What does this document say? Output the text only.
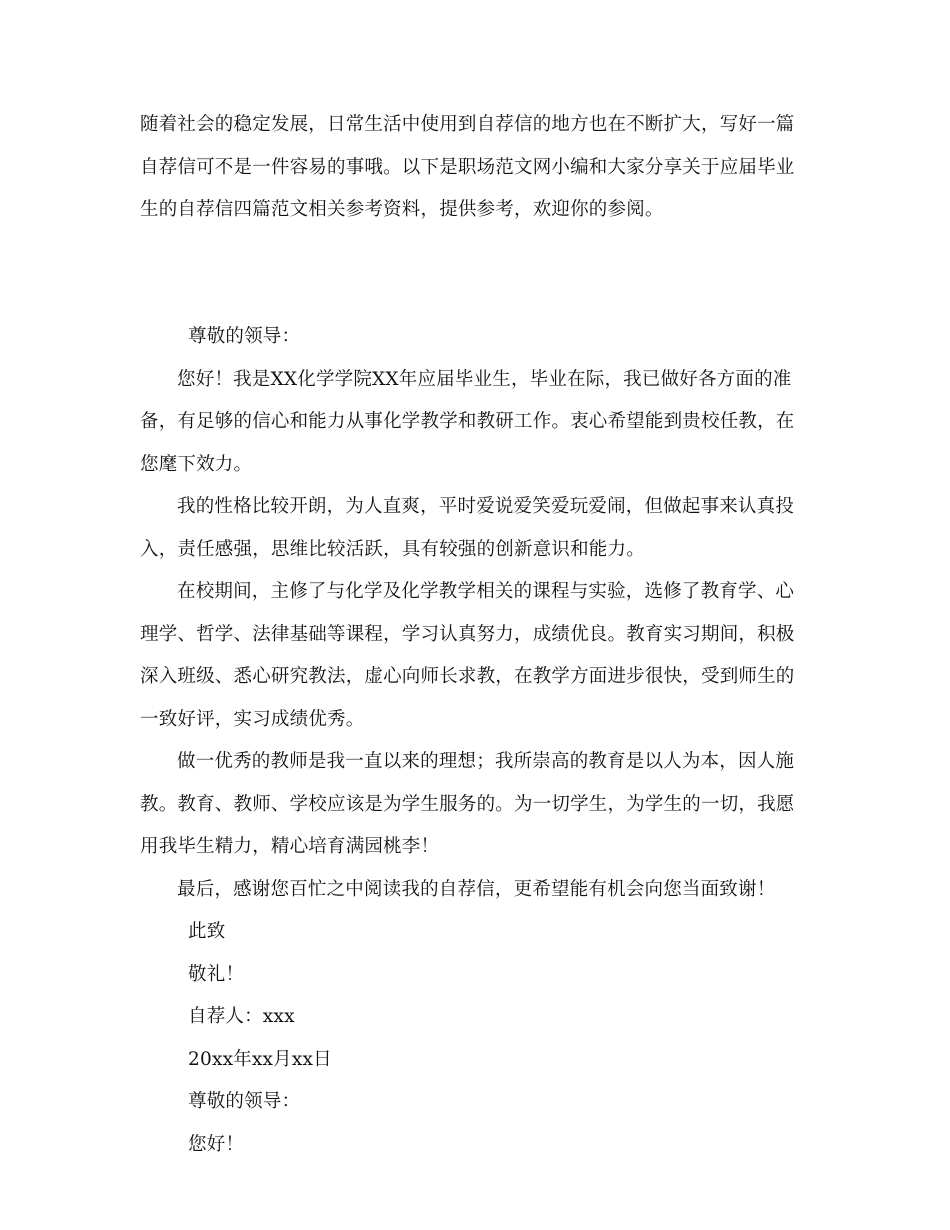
随着社会的稳定发展，日常生活中使用到自荐信的地方也在不断扩大，写好一篇自荐信可不是一件容易的事哦。以下是职场范文网小编和大家分享关于应届毕业生的自荐信四篇范文相关参考资料，提供参考，欢迎你的参阅。
尊敬的领导：
您好！我是XX化学学院XX年应届毕业生，毕业在际，我已做好各方面的准备，有足够的信心和能力从事化学教学和教研工作。衷心希望能到贵校任教，在您麾下效力。
我的性格比较开朗，为人直爽，平时爱说爱笑爱玩爱闹，但做起事来认真投入，责任感强，思维比较活跃，具有较强的创新意识和能力。
在校期间，主修了与化学及化学教学相关的课程与实验，选修了教育学、心理学、哲学、法律基础等课程，学习认真努力，成绩优良。教育实习期间，积极深入班级、悉心研究教法，虚心向师长求教，在教学方面进步很快，受到师生的一致好评，实习成绩优秀。
做一优秀的教师是我一直以来的理想；我所崇高的教育是以人为本，因人施教。教育、教师、学校应该是为学生服务的。为一切学生，为学生的一切，我愿用我毕生精力，精心培育满园桃李！
最后，感谢您百忙之中阅读我的自荐信，更希望能有机会向您当面致谢！
此致
敬礼！
自荐人：xxx
20xx年xx月xx日
尊敬的领导：
您好！
